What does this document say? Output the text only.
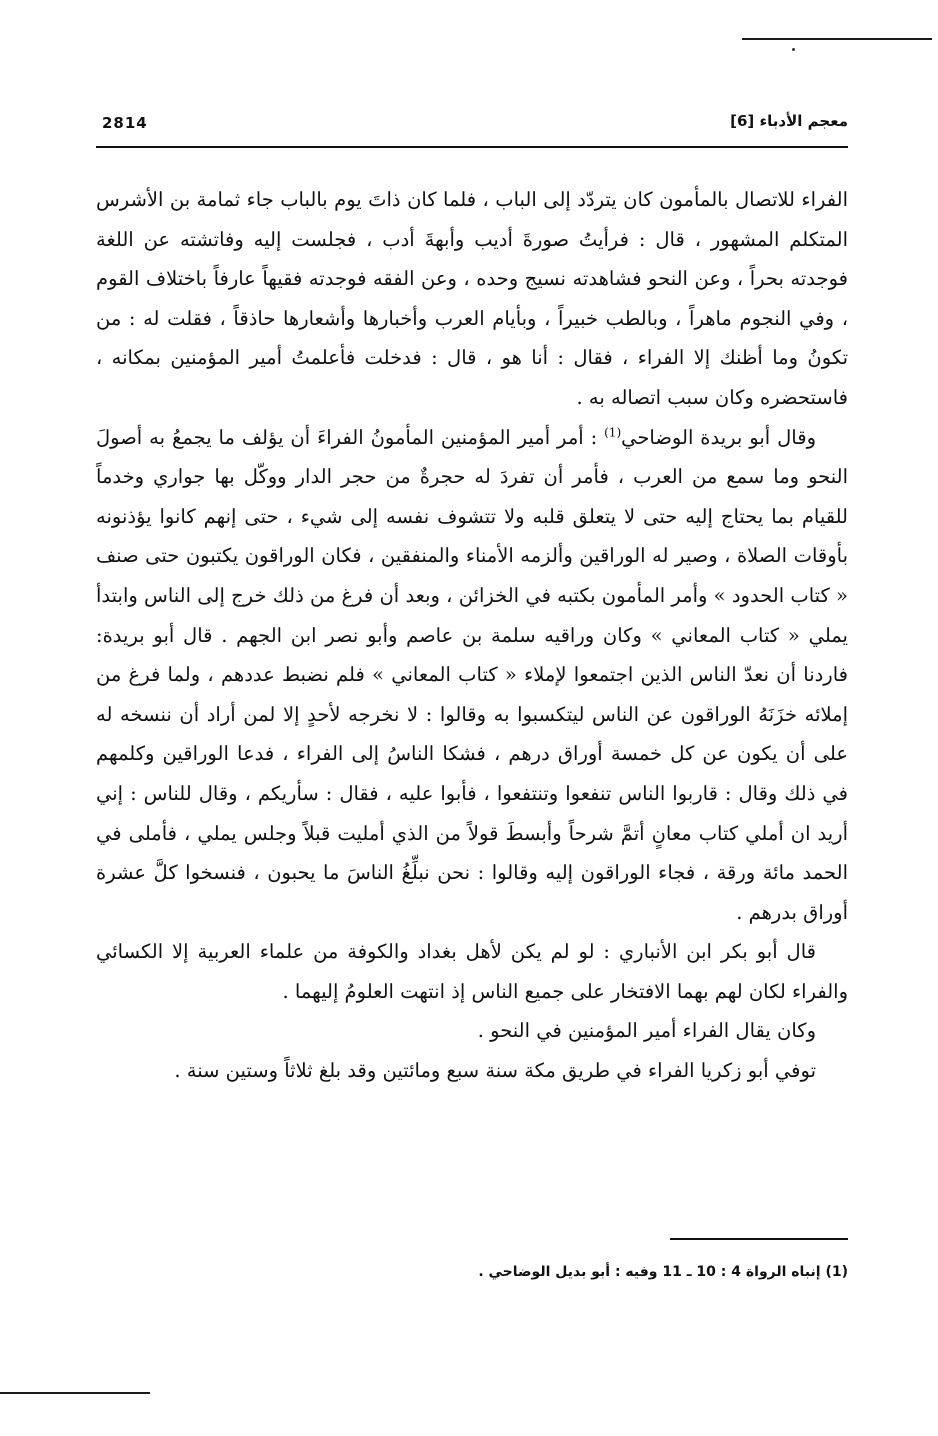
2814	معجم الأدباء [6]

الفراء للاتصال بالمأمون كان يتردّد إلى الباب ، فلما كان ذاتَ يوم بالباب جاء ثمامة بن الأشرس المتكلم المشهور ، قال : فرأيتُ صورةَ أديب وأبهةَ أدب ، فجلست إليه وفاتشته عن اللغة فوجدته بحراً ، وعن النحو فشاهدته نسيج وحده ، وعن الفقه فوجدته فقيهاً عارفاً باختلاف القوم ، وفي النجوم ماهراً ، وبالطب خبيراً ، وبأيام العرب وأخبارها وأشعارها حاذقاً ، فقلت له : من تكونُ وما أظنك إلا الفراء ، فقال : أنا هو ، قال : فدخلت فأعلمتُ أمير المؤمنين بمكانه ، فاستحضره وكان سبب اتصاله به .

وقال أبو بريدة الوضاحي$^{(1)}$ : أمر أمير المؤمنين المأمونُ الفراءَ أن يؤلف ما يجمعُ به أصولَ النحو وما سمع من العرب ، فأمر أن تفردَ له حجرةٌ من حجر الدار ووكّل بها جواري وخدماً للقيام بما يحتاج إليه حتى لا يتعلق قلبه ولا تتشوف نفسه إلى شيء ، حتى إنهم كانوا يؤذنونه بأوقات الصلاة ، وصير له الوراقين وألزمه الأمناء والمنفقين ، فكان الوراقون يكتبون حتى صنف « كتاب الحدود » وأمر المأمون بكتبه في الخزائن ، وبعد أن فرغ من ذلك خرج إلى الناس وابتدأ يملي « كتاب المعاني » وكان وراقيه سلمة بن عاصم وأبو نصر ابن الجهم . قال أبو بريدة: فاردنا أن نعدّ الناس الذين اجتمعوا لإملاء « كتاب المعاني » فلم نضبط عددهم ، ولما فرغ من إملائه خزَنَهُ الوراقون عن الناس ليتكسبوا به وقالوا : لا نخرجه لأحدٍ إلا لمن أراد أن ننسخه له على أن يكون عن كل خمسة أوراق درهم ، فشكا الناسُ إلى الفراء ، فدعا الوراقين وكلمهم في ذلك وقال : قاربوا الناس تنفعوا وتنتفعوا ، فأبوا عليه ، فقال : سأريكم ، وقال للناس : إني أريد ان أملي كتاب معانٍ أتمَّ شرحاً وأبسطَ قولاً من الذي أمليت قبلاً وجلس يملي ، فأملى في الحمد مائة ورقة ، فجاء الوراقون إليه وقالوا : نحن نبلِّغُ الناسَ ما يحبون ، فنسخوا كلَّ عشرة أوراق بدرهم .

قال أبو بكر ابن الأنباري : لو لم يكن لأهل بغداد والكوفة من علماء العربية إلا الكسائي والفراء لكان لهم بهما الافتخار على جميع الناس إذ انتهت العلومُ إليهما .

وكان يقال الفراء أمير المؤمنين في النحو .

توفي أبو زكريا الفراء في طريق مكة سنة سبع ومائتين وقد بلغ ثلاثاً وستين سنة .

(1) إنباه الرواة 4 : 10 ـ 11 وفيه : أبو بديل الوضاحي .
